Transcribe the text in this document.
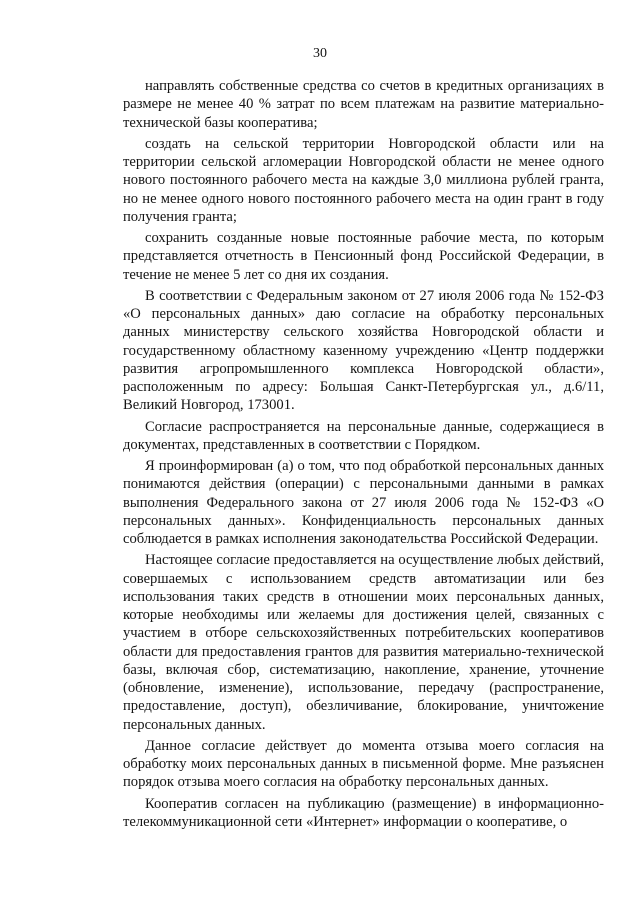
30

направлять собственные средства со счетов в кредитных организациях в размере не менее 40 % затрат по всем платежам на развитие материально-технической базы кооператива;

создать на сельской территории Новгородской области или на территории сельской агломерации Новгородской области не менее одного нового постоянного рабочего места на каждые 3,0 миллиона рублей гранта, но не менее одного нового постоянного рабочего места на один грант в году получения гранта;

сохранить созданные новые постоянные рабочие места, по которым представляется отчетность в Пенсионный фонд Российской Федерации, в течение не менее 5 лет со дня их создания.

В соответствии с Федеральным законом от 27 июля 2006 года № 152-ФЗ «О персональных данных» даю согласие на обработку персональных данных министерству сельского хозяйства Новгородской области и государственному областному казенному учреждению «Центр поддержки развития агропромышленного комплекса Новгородской области», расположенным по адресу: Большая Санкт-Петербургская ул., д.6/11, Великий Новгород, 173001.

Согласие распространяется на персональные данные, содержащиеся в документах, представленных в соответствии с Порядком.

Я проинформирован (а) о том, что под обработкой персональных данных понимаются действия (операции) с персональными данными в рамках выполнения Федерального закона от 27 июля 2006 года № 152-ФЗ «О персональных данных». Конфиденциальность персональных данных соблюдается в рамках исполнения законодательства Российской Федерации.

Настоящее согласие предоставляется на осуществление любых действий, совершаемых с использованием средств автоматизации или без использования таких средств в отношении моих персональных данных, которые необходимы или желаемы для достижения целей, связанных с участием в отборе сельскохозяйственных потребительских кооперативов области для предоставления грантов для развития материально-технической базы, включая сбор, систематизацию, накопление, хранение, уточнение (обновление, изменение), использование, передачу (распространение, предоставление, доступ), обезличивание, блокирование, уничтожение персональных данных.

Данное согласие действует до момента отзыва моего согласия на обработку моих персональных данных в письменной форме. Мне разъяснен порядок отзыва моего согласия на обработку персональных данных.

Кооператив согласен на публикацию (размещение) в информационно-телекоммуникационной сети «Интернет» информации о кооперативе, о
